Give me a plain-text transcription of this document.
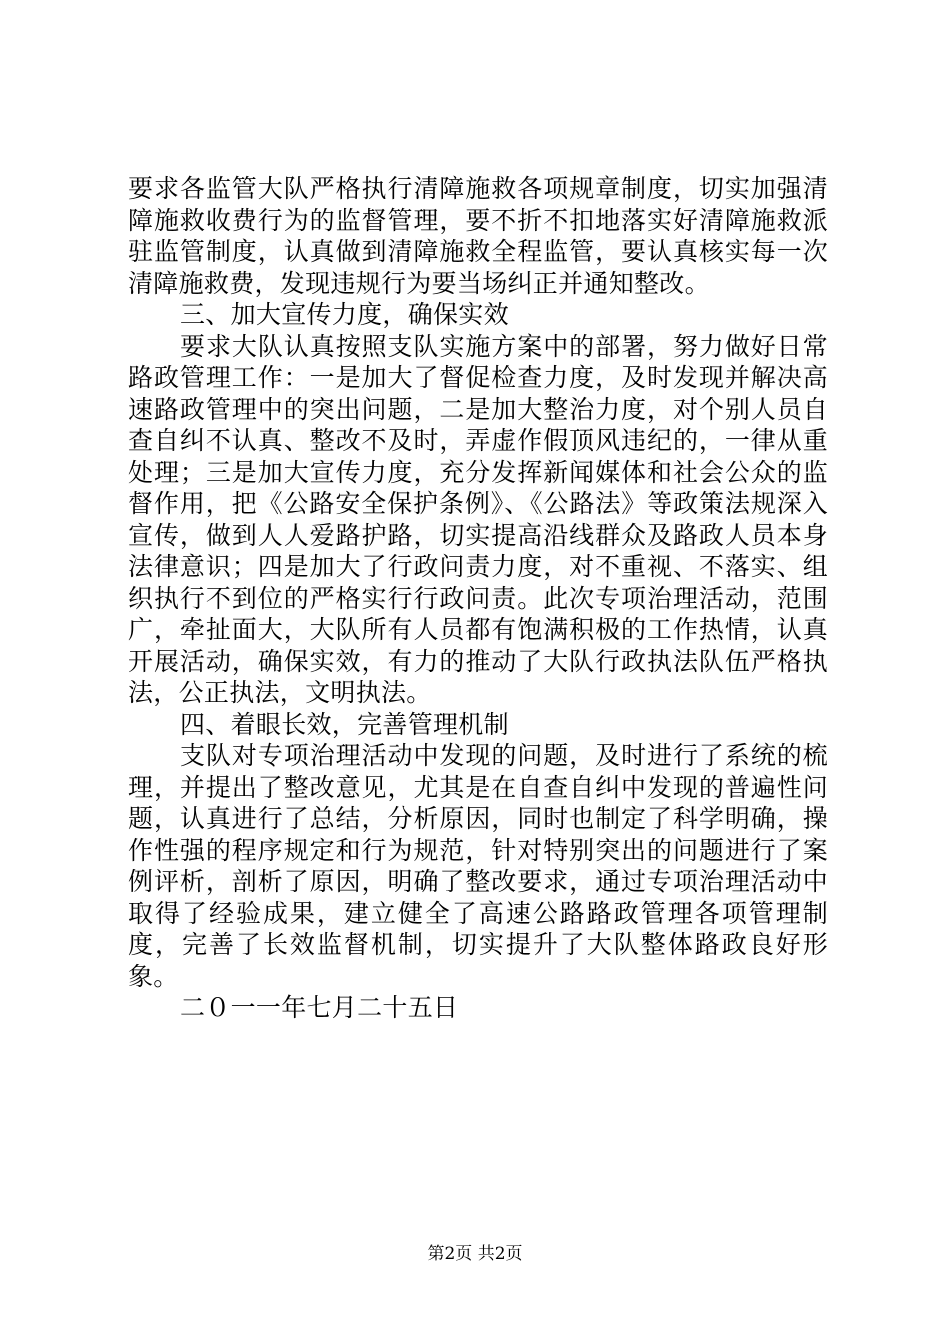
要求各监管大队严格执行清障施救各项规章制度，切实加强清障施救收费行为的监督管理，要不折不扣地落实好清障施救派驻监管制度，认真做到清障施救全程监管，要认真核实每一次清障施救费，发现违规行为要当场纠正并通知整改。

三、加大宣传力度，确保实效

要求大队认真按照支队实施方案中的部署，努力做好日常路政管理工作：一是加大了督促检查力度，及时发现并解决高速路政管理中的突出问题，二是加大整治力度，对个别人员自查自纠不认真、整改不及时，弄虚作假顶风违纪的，一律从重处理；三是加大宣传力度，充分发挥新闻媒体和社会公众的监督作用，把《公路安全保护条例》、《公路法》等政策法规深入宣传，做到人人爱路护路，切实提高沿线群众及路政人员本身法律意识；四是加大了行政问责力度，对不重视、不落实、组织执行不到位的严格实行行政问责。此次专项治理活动，范围广，牵扯面大，大队所有人员都有饱满积极的工作热情，认真开展活动，确保实效，有力的推动了大队行政执法队伍严格执法，公正执法，文明执法。

四、着眼长效，完善管理机制

支队对专项治理活动中发现的问题，及时进行了系统的梳理，并提出了整改意见，尤其是在自查自纠中发现的普遍性问题，认真进行了总结，分析原因，同时也制定了科学明确，操作性强的程序规定和行为规范，针对特别突出的问题进行了案例评析，剖析了原因，明确了整改要求，通过专项治理活动中取得了经验成果，建立健全了高速公路路政管理各项管理制度，完善了长效监督机制，切实提升了大队整体路政良好形象。

二０一一年七月二十五日

第2页 共2页
